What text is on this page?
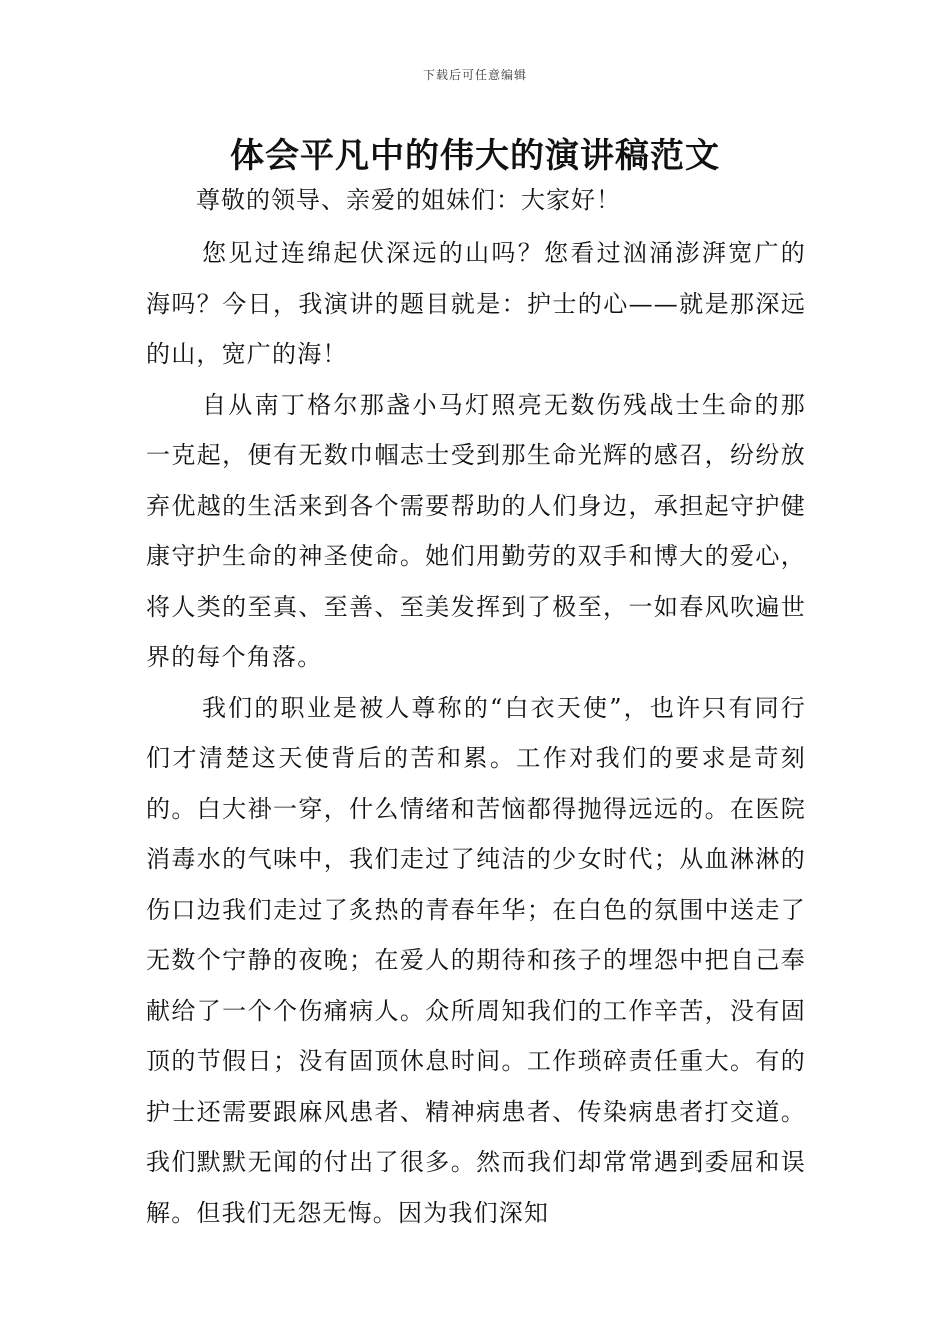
下载后可任意编辑
体会平凡中的伟大的演讲稿范文

尊敬的领导、亲爱的姐妹们：大家好！

您见过连绵起伏深远的山吗？您看过汹涌澎湃宽广的海吗？今日，我演讲的题目就是：护士的心——就是那深远的山，宽广的海！

自从南丁格尔那盏小马灯照亮无数伤残战士生命的那一克起，便有无数巾帼志士受到那生命光辉的感召，纷纷放弃优越的生活来到各个需要帮助的人们身边，承担起守护健康守护生命的神圣使命。她们用勤劳的双手和博大的爱心，将人类的至真、至善、至美发挥到了极至，一如春风吹遍世界的每个角落。

我们的职业是被人尊称的“白衣天使”，也许只有同行们才清楚这天使背后的苦和累。工作对我们的要求是苛刻的。白大褂一穿，什么情绪和苦恼都得抛得远远的。在医院消毒水的气味中，我们走过了纯洁的少女时代；从血淋淋的伤口边我们走过了炙热的青春年华；在白色的氛围中送走了无数个宁静的夜晚；在爱人的期待和孩子的埋怨中把自己奉献给了一个个伤痛病人。众所周知我们的工作辛苦，没有固顶的节假日；没有固顶休息时间。工作琐碎责任重大。有的护士还需要跟麻风患者、精神病患者、传染病患者打交道。我们默默无闻的付出了很多。然而我们却常常遇到委屈和误解。但我们无怨无悔。因为我们深知
